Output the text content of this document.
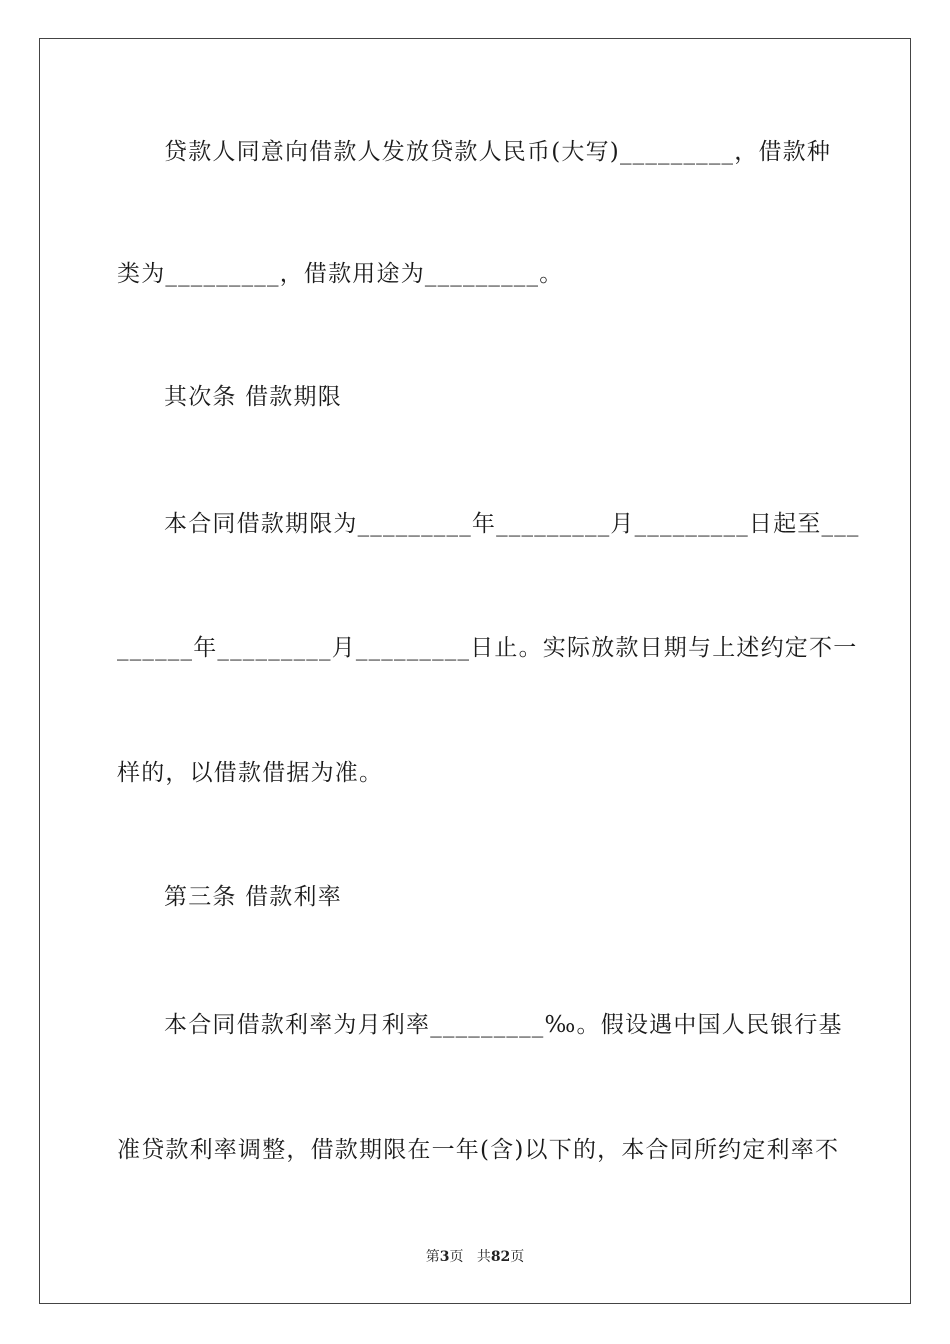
贷款人同意向借款人发放贷款人民币(大写)_________，借款种
类为_________，借款用途为_________。
其次条 借款期限
本合同借款期限为_________年_________月_________日起至___
______年_________月_________日止。实际放款日期与上述约定不一
样的，以借款借据为准。
第三条 借款利率
本合同借款利率为月利率_________‰。假设遇中国人民银行基
准贷款利率调整，借款期限在一年(含)以下的，本合同所约定利率不
第3页 共82页
